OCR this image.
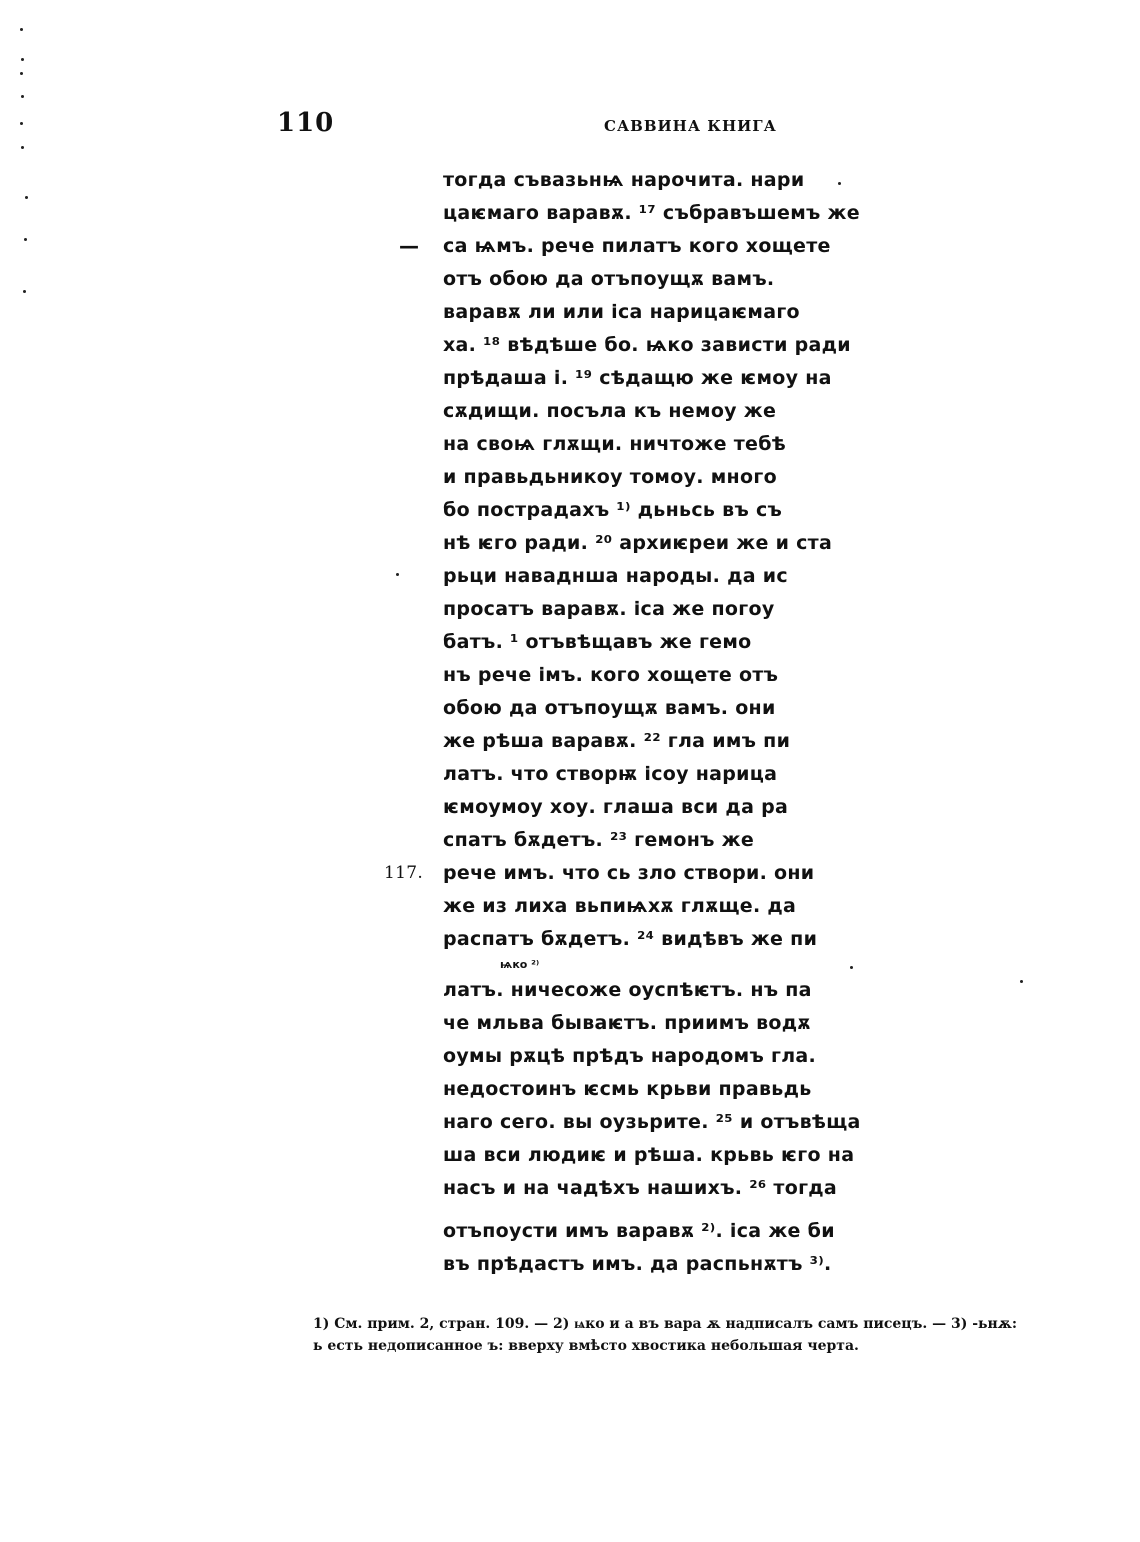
110	САВВИНА КНИГА
тогда съвазьнѩ нарочита. нари
цаѥмаго варавѫ. ¹⁷ събравъшемъ же
— са ѩмъ. рече пилатъ кого хощете
отъ обою да отъпоущѫ вамъ.
варавѫ ли или іса нарицаѥмаго
ха. ¹⁸ вѣдѣше бо. ѩко зависти ради
прѣдаша і. ¹⁹ сѣдащю же ѥмоу на
сѫдищи. посъла къ немоу же
на своѩ глѫщи. ничтоже тебѣ
и правьдьникоу томоу. много
бо пострадахъ ¹⁾ дьньсь въ съ
нѣ ѥго ради. ²⁰ архиѥреи же и ста
рьци наваднша народы. да ис
просатъ варавѫ. іса же погоу
батъ. ¹ отъвѣщавъ же гемо
нъ рече імъ. кого хощете отъ
обою да отъпоущѫ вамъ. они
же рѣша варавѫ. ²² гла имъ пи
латъ. что створѭ ісоу нарица
ѥмоумоу хоу. глаша вси да ра
спатъ бѫдетъ. ²³ гемонъ же
117. рече имъ. что сь зло створи. они
же из лиха вьпиѩхѫ глѫще. да
распатъ бѫдетъ. ²⁴ видѣвъ же пи
ѩко ²⁾
латъ. ничесоже оуспѣѥтъ. нъ па
че мльва бываѥтъ. приимъ водѫ
оумы рѫцѣ прѣдъ народомъ гла.
недостоинъ ѥсмь крьви правьдь
наго сего. вы оузьрите. ²⁵ и отъвѣща
ша вси людиѥ и рѣша. крьвь ѥго на
насъ и на чадѣхъ нашихъ. ²⁶ тогда
отъпоусти имъ варавѫ ²⁾. іса же би
въ прѣдастъ имъ. да распьнѫтъ ³⁾.
1) См. прим. 2, стран. 109. — 2) ѩко и а въ вара ѫ надписалъ самъ писецъ. — 3) -ьнѫ:
ь есть недописанное ъ: вверху вмѣсто хвостика небольшая черта.
